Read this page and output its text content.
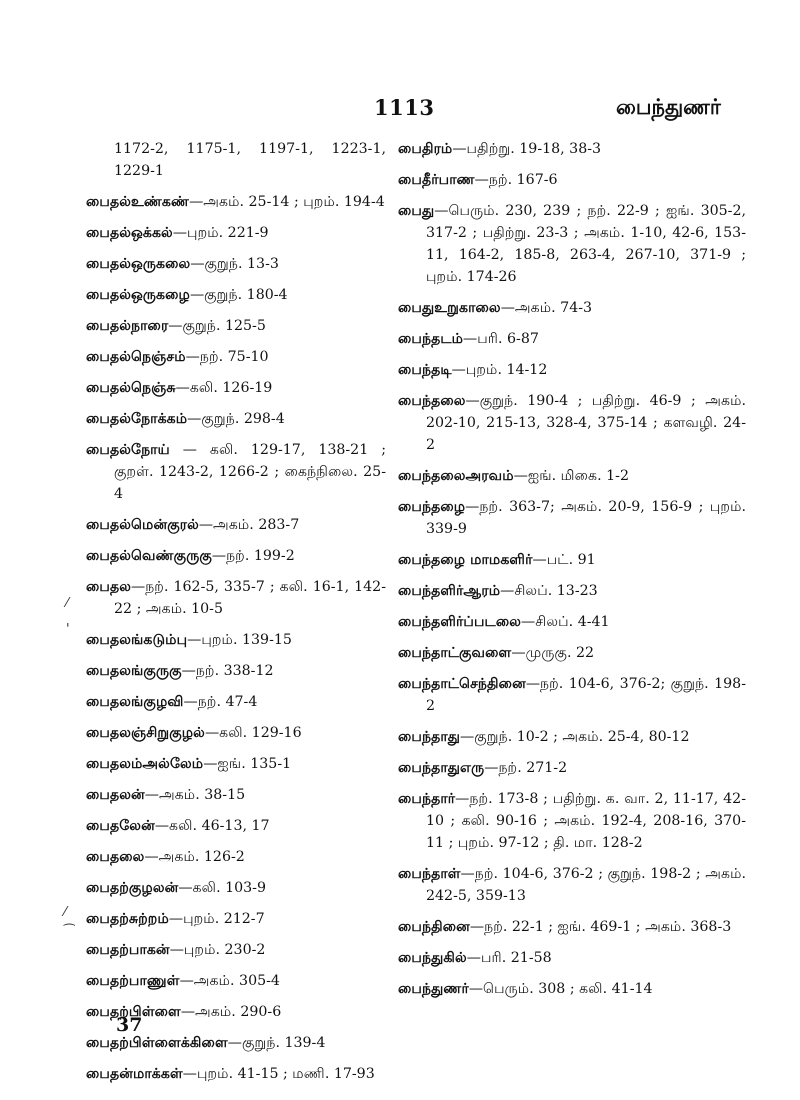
1113	பைந்துணர்

1172-2, 1175-1, 1197-1, 1223-1, 1229-1

பைதல்உண்கண்—அகம். 25-14 ; புறம். 194-4

பைதல்ஒக்கல்—புறம். 221-9

பைதல்ஒருகலை—குறுந். 13-3

பைதல்ஒருகழை—குறுந். 180-4

பைதல்நாரை—குறுந். 125-5

பைதல்நெஞ்சம்—நற். 75-10

பைதல்நெஞ்சு—கலி. 126-19

பைதல்நோக்கம்—குறுந். 298-4

பைதல்நோய் — கலி. 129-17, 138-21 ; குறள். 1243-2, 1266-2 ; கைந்நிலை. 25-4

பைதல்மென்குரல்—அகம். 283-7

பைதல்வெண்குருகு—நற். 199-2

பைதல—நற். 162-5, 335-7 ; கலி. 16-1, 142-22 ; அகம். 10-5

பைதலங்கடும்பு—புறம். 139-15

பைதலங்குருகு—நற். 338-12

பைதலங்குழவி—நற். 47-4

பைதலஞ்சிறுகுழல்—கலி. 129-16

பைதலம்அல்லேம்—ஐங். 135-1

பைதலன்—அகம். 38-15

பைதலேன்—கலி. 46-13, 17

பைதலை—அகம். 126-2

பைதற்குழலன்—கலி. 103-9

பைதற்சுற்றம்—புறம். 212-7

பைதற்பாகன்—புறம். 230-2

பைதற்பாணுள்—அகம். 305-4

பைதற்பிள்ளை—அகம். 290-6

பைதற்பிள்ளைக்கிளை—குறுந். 139-4

பைதன்மாக்கள்—புறம். 41-15 ; மணி. 17-93

பைதிரம்—பதிற்று. 19-18, 38-3

பைதீர்பாண—நற். 167-6

பைது—பெரும். 230, 239 ; நற். 22-9 ; ஐங். 305-2, 317-2 ; பதிற்று. 23-3 ; அகம். 1-10, 42-6, 153-11, 164-2, 185-8, 263-4, 267-10, 371-9 ; புறம். 174-26

பைதுஉறுகாலை—அகம். 74-3

பைந்தடம்—பரி. 6-87

பைந்தடி—புறம். 14-12

பைந்தலை—குறுந். 190-4 ; பதிற்று. 46-9 ; அகம். 202-10, 215-13, 328-4, 375-14 ; களவழி. 24-2

பைந்தலைஅரவம்—ஐங். மிகை. 1-2

பைந்தழை—நற். 363-7; அகம். 20-9, 156-9 ; புறம். 339-9

பைந்தழை மாமகளிர்—பட். 91

பைந்தளிர்ஆரம்—சிலப். 13-23

பைந்தளிர்ப்படலை—சிலப். 4-41

பைந்தாட்குவளை—முருகு. 22

பைந்தாட்செந்தினை—நற். 104-6, 376-2; குறுந். 198-2

பைந்தாது—குறுந். 10-2 ; அகம். 25-4, 80-12

பைந்தாதுஎரு—நற். 271-2

பைந்தார்—நற். 173-8 ; பதிற்று. க. வா. 2, 11-17, 42-10 ; கலி. 90-16 ; அகம். 192-4, 208-16, 370-11 ; புறம். 97-12 ; தி. மா. 128-2

பைந்தாள்—நற். 104-6, 376-2 ; குறுந். 198-2 ; அகம். 242-5, 359-13

பைந்தினை—நற். 22-1 ; ஐங். 469-1 ; அகம். 368-3

பைந்துகில்—பரி. 21-58

பைந்துணர்—பெரும். 308 ; கலி. 41-14

⁄
'
⁄
⁀
37
